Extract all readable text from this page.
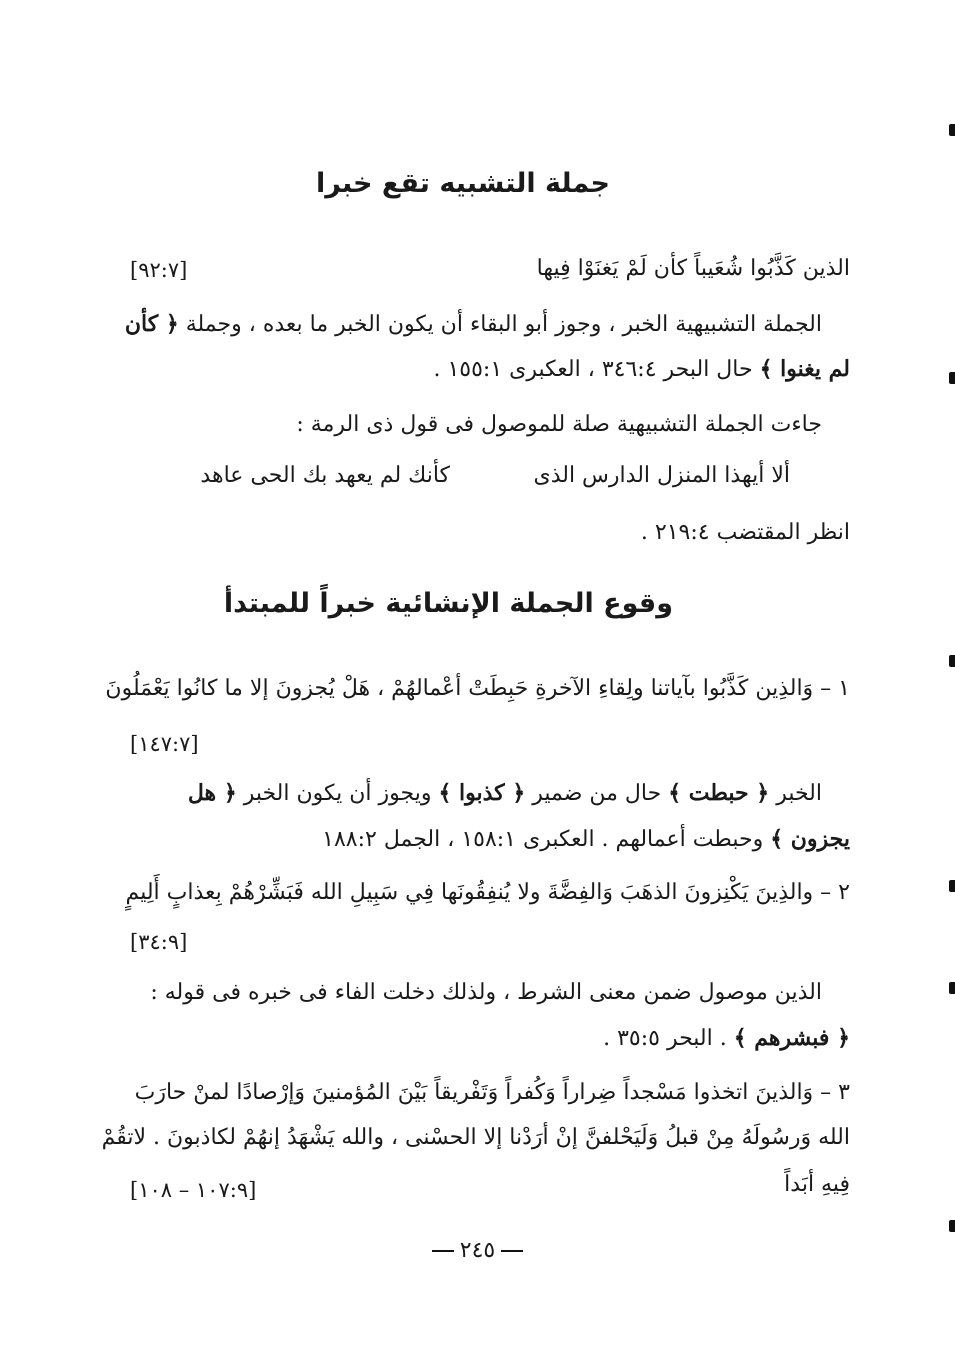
جملة التشبيه تقع خبرا
الذين كَذَّبُوا شُعَيباً كأن لَمْ يَغنَوْا فِيها
[٩٢:٧]
الجملة التشبيهية الخبر ، وجوز أبو البقاء أن يكون الخبر ما بعده ، وجملة ﴿ كأن
لم يغنوا ﴾ حال البحر ٣٤٦:٤ ، العكبرى ١٥٥:١ .
جاءت الجملة التشبيهية صلة للموصول فى قول ذى الرمة :
ألا أيهذا المنزل الدارس الذى
كأنك لم يعهد بك الحى عاهد
انظر المقتضب ٢١٩:٤ .
وقوع الجملة الإنشائية خبراً للمبتدأ
١ – وَالذِين كَذَّبُوا بآياتنا ولِقاءِ الآخرةِ حَبِطَتْ أعْمالهُمْ ، هَلْ يُجزونَ إلا ما كانُوا يَعْمَلُونَ
[١٤٧:٧]
الخبر ﴿ حبطت ﴾ حال من ضمير ﴿ كذبوا ﴾ ويجوز أن يكون الخبر ﴿ هل
يجزون ﴾ وحبطت أعمالهم . العكبرى ١٥٨:١ ، الجمل ١٨٨:٢
٢ – والذِينَ يَكْنِزونَ الذهَبَ وَالفِضَّةَ ولا يُنفِقُونَها فِي سَبِيلِ الله فَبَشِّرْهُمْ بِعذابٍ أَلِيمٍ
[٣٤:٩]
الذين موصول ضمن معنى الشرط ، ولذلك دخلت الفاء فى خبره فى قوله :
﴿ فبشرهم ﴾ . البحر ٣٥:٥ .
٣ – وَالذينَ اتخذوا مَسْجداً ضِراراً وَكُفراً وَتَفْريقاً بَيْنَ المُؤمنينَ وَإرْصادًا لمنْ حارَبَ
الله وَرسُولَهُ مِنْ قبلُ وَلَيَحْلفنَّ إنْ أرَدْنا إلا الحسْنى ، والله يَشْهَدُ إنهُمْ لكاذبونَ . لاتقُمْ
فِيهِ أبَداً
[١٠٧:٩ – ١٠٨]
٢٤٥
